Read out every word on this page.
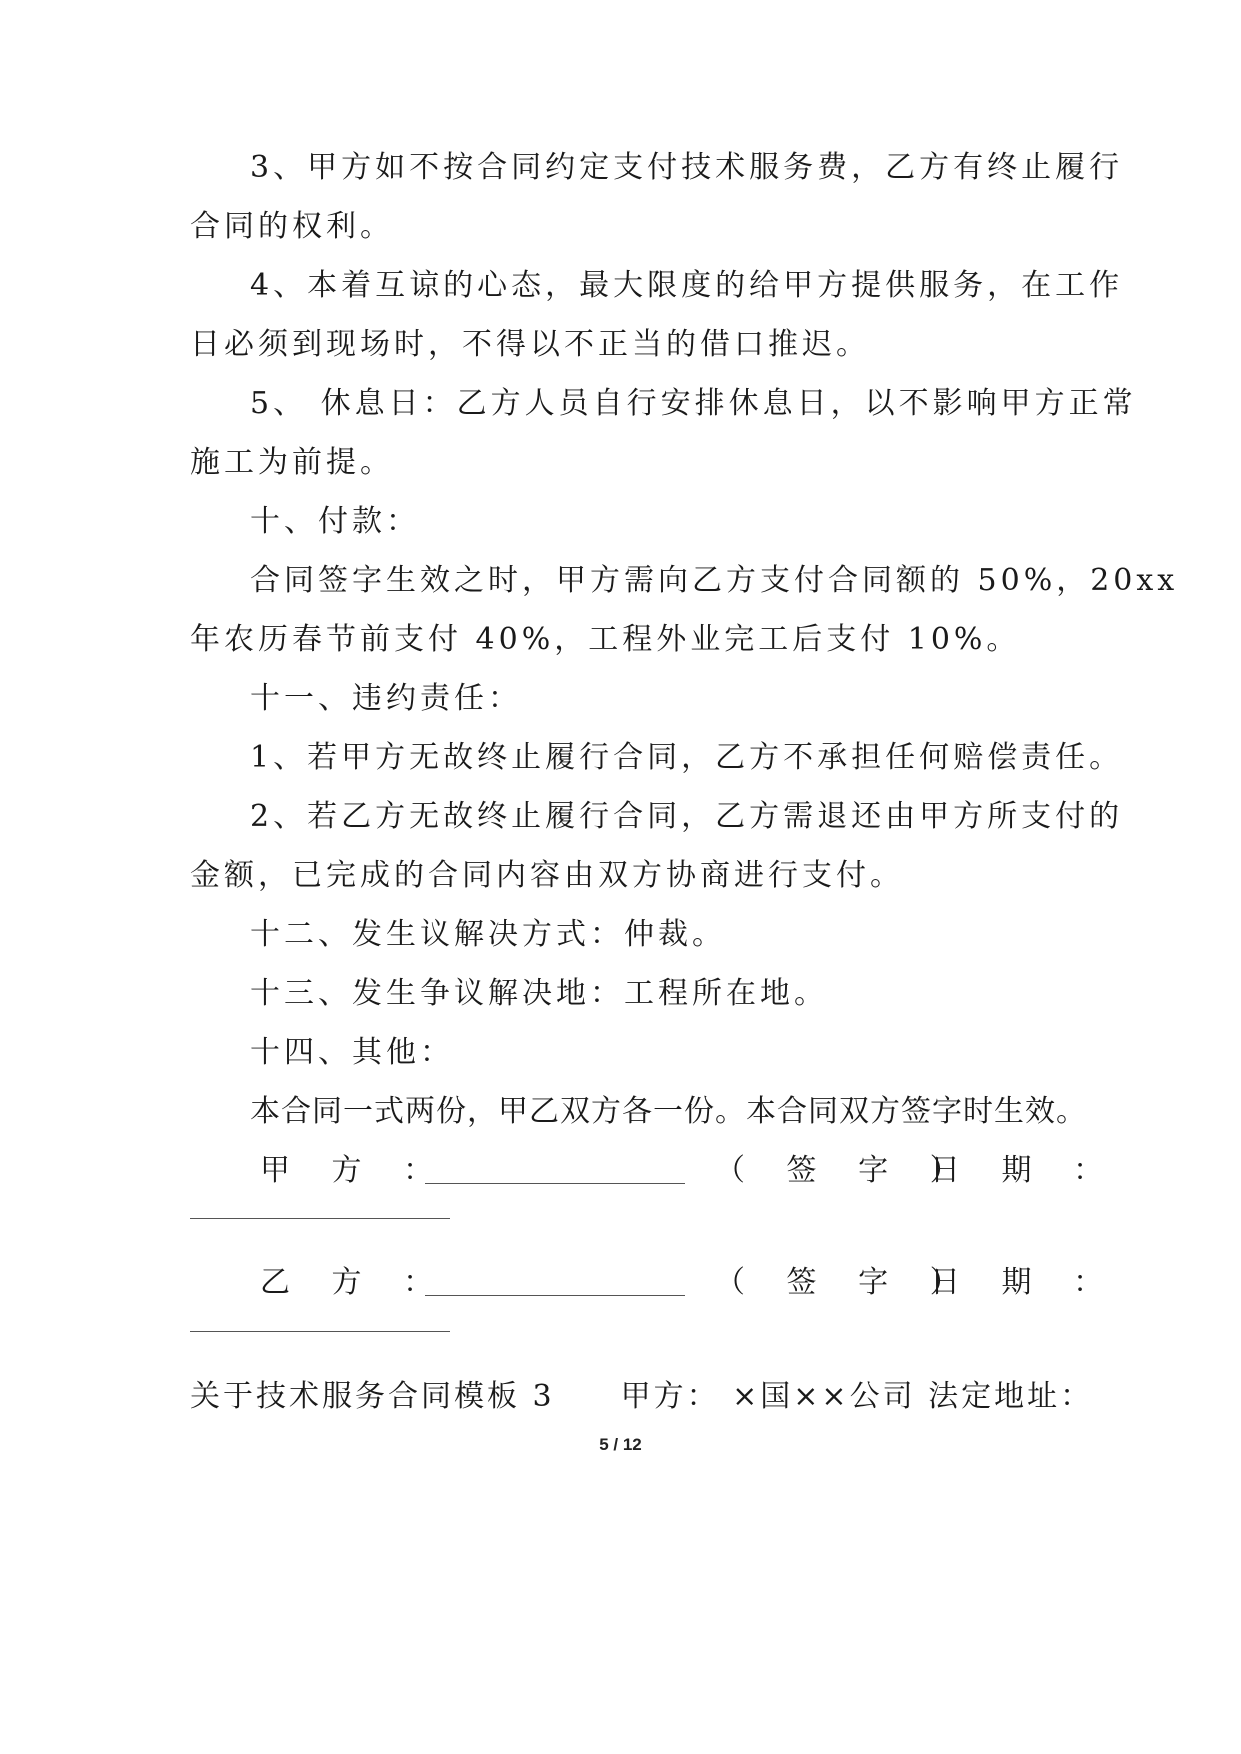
3、甲方如不按合同约定支付技术服务费，乙方有终止履行
合同的权利。
4、本着互谅的心态，最大限度的给甲方提供服务，在工作
日必须到现场时，不得以不正当的借口推迟。
5、 休息日：乙方人员自行安排休息日，以不影响甲方正常
施工为前提。
十、付款：
合同签字生效之时，甲方需向乙方支付合同额的 50%，20xx
年农历春节前支付 40%，工程外业完工后支付 10%。
十一、违约责任：
1、若甲方无故终止履行合同，乙方不承担任何赔偿责任。
2、若乙方无故终止履行合同，乙方需退还由甲方所支付的
金额，已完成的合同内容由双方协商进行支付。
十二、发生议解决方式：仲裁。
十三、发生争议解决地：工程所在地。
十四、其他：
本合同一式两份，甲乙双方各一份。本合同双方签字时生效。
甲 方 ：	（ 签 字 ）
日 期 ：
乙 方 ：	（ 签 字 ）
日 期 ：
关于技术服务合同模板 3　　甲方： ×国××公司 法定地址：
5 / 12
